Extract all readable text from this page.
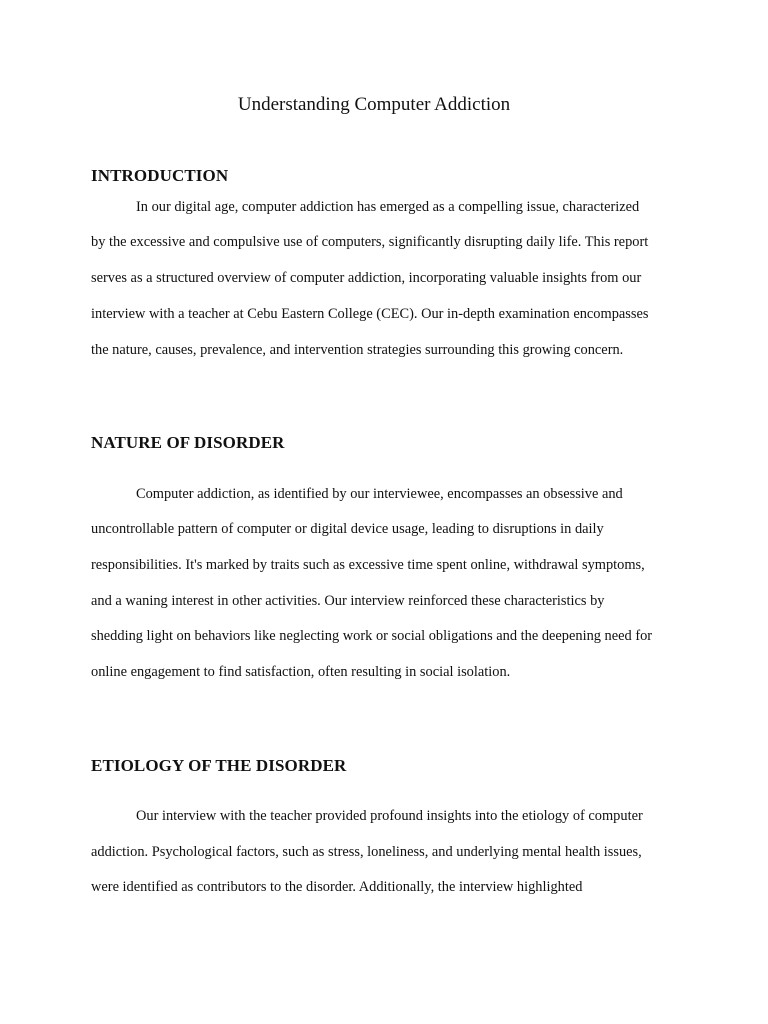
Understanding Computer Addiction
INTRODUCTION

In our digital age, computer addiction has emerged as a compelling issue, characterized

by the excessive and compulsive use of computers, significantly disrupting daily life. This report

serves as a structured overview of computer addiction, incorporating valuable insights from our

interview with a teacher at Cebu Eastern College (CEC). Our in-depth examination encompasses

the nature, causes, prevalence, and intervention strategies surrounding this growing concern.

NATURE OF DISORDER

Computer addiction, as identified by our interviewee, encompasses an obsessive and

uncontrollable pattern of computer or digital device usage, leading to disruptions in daily

responsibilities. It's marked by traits such as excessive time spent online, withdrawal symptoms,

and a waning interest in other activities. Our interview reinforced these characteristics by

shedding light on behaviors like neglecting work or social obligations and the deepening need for

online engagement to find satisfaction, often resulting in social isolation.

ETIOLOGY OF THE DISORDER

Our interview with the teacher provided profound insights into the etiology of computer

addiction. Psychological factors, such as stress, loneliness, and underlying mental health issues,

were identified as contributors to the disorder. Additionally, the interview highlighted
